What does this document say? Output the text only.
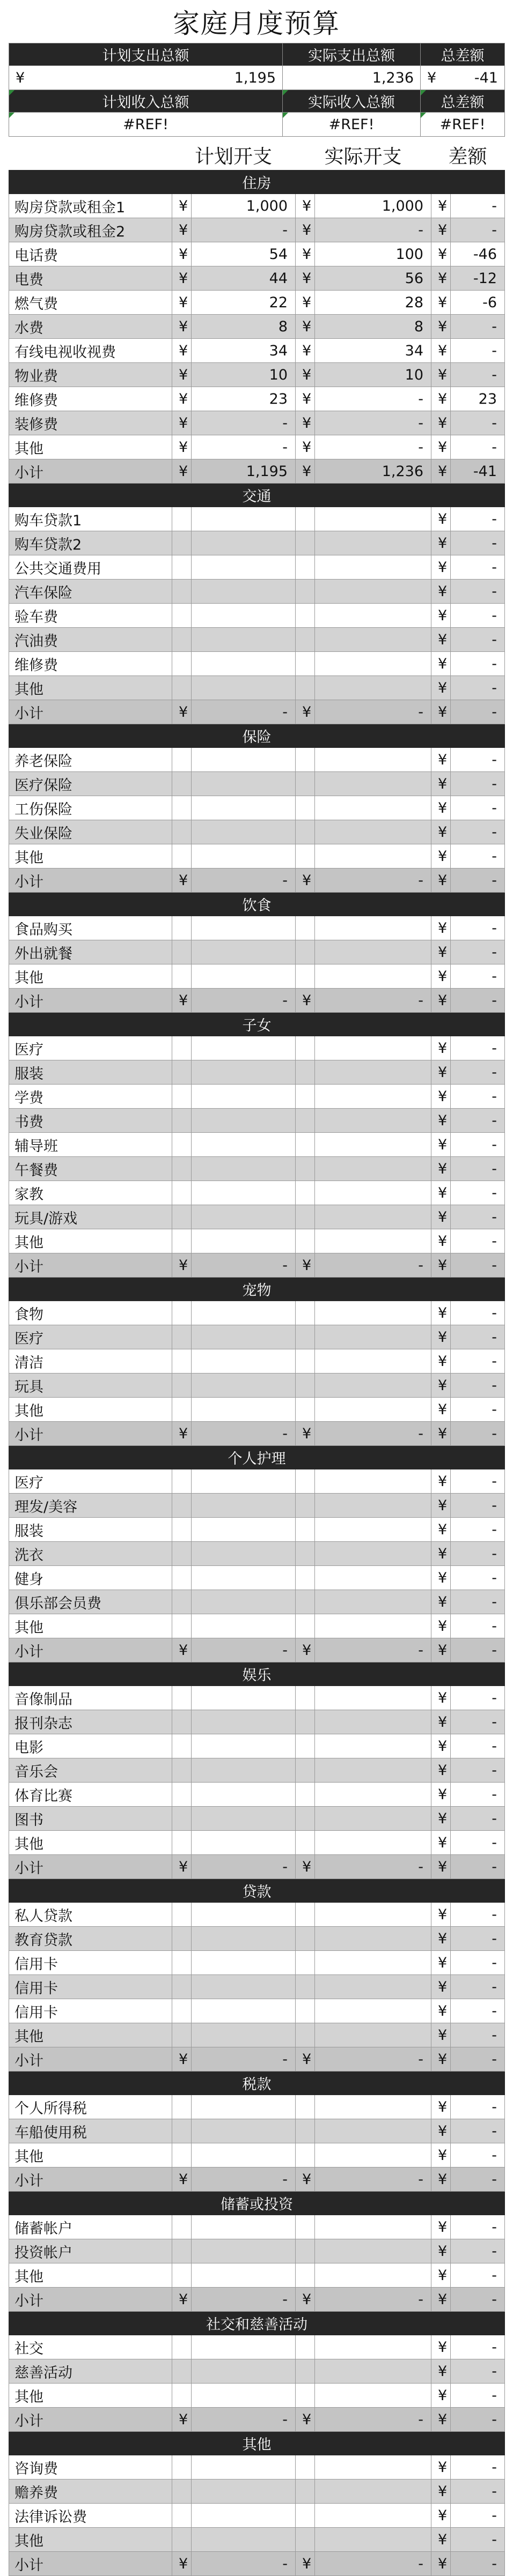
家庭月度预算
计划支出总额	实际支出总额	总差额
¥ 1,195	1,236	¥ -41

计划收入总额	实际收入总额	总差额
#REF!	#REF!	#REF!
计划开支	实际开支	差额
住房						
购房贷款或租金1	¥	1,000	¥	1,000	¥	-
购房贷款或租金2	¥	-	¥	-	¥	-
电话费	¥	54	¥	100	¥	-46
电费	¥	44	¥	56	¥	-12
燃气费	¥	22	¥	28	¥	-6
水费	¥	8	¥	8	¥	-
有线电视收视费	¥	34	¥	34	¥	-
物业费	¥	10	¥	10	¥	-
维修费	¥	23	¥	-	¥	23
装修费	¥	-	¥	-	¥	-
其他	¥	-	¥	-	¥	-
小计	¥	1,195	¥	1,236	¥	-41
交通						
购车贷款1					¥	-
购车贷款2					¥	-
公共交通费用					¥	-
汽车保险					¥	-
验车费					¥	-
汽油费					¥	-
维修费					¥	-
其他					¥	-
小计	¥	-	¥	-	¥	-
保险						
养老保险					¥	-
医疗保险					¥	-
工伤保险					¥	-
失业保险					¥	-
其他					¥	-
小计	¥	-	¥	-	¥	-
饮食						
食品购买					¥	-
外出就餐					¥	-
其他					¥	-
小计	¥	-	¥	-	¥	-
子女						
医疗					¥	-
服装					¥	-
学费					¥	-
书费					¥	-
辅导班					¥	-
午餐费					¥	-
家教					¥	-
玩具/游戏					¥	-
其他					¥	-
小计	¥	-	¥	-	¥	-
宠物						
食物					¥	-
医疗					¥	-
清洁					¥	-
玩具					¥	-
其他					¥	-
小计	¥	-	¥	-	¥	-
个人护理						
医疗					¥	-
理发/美容					¥	-
服装					¥	-
洗衣					¥	-
健身					¥	-
俱乐部会员费					¥	-
其他					¥	-
小计	¥	-	¥	-	¥	-
娱乐						
音像制品					¥	-
报刊杂志					¥	-
电影					¥	-
音乐会					¥	-
体育比赛					¥	-
图书					¥	-
其他					¥	-
小计	¥	-	¥	-	¥	-
贷款						
私人贷款					¥	-
教育贷款					¥	-
信用卡					¥	-
信用卡					¥	-
信用卡					¥	-
其他					¥	-
小计	¥	-	¥	-	¥	-
税款						
个人所得税					¥	-
车船使用税					¥	-
其他					¥	-
小计	¥	-	¥	-	¥	-
储蓄或投资						
储蓄帐户					¥	-
投资帐户					¥	-
其他					¥	-
小计	¥	-	¥	-	¥	-
社交和慈善活动						
社交					¥	-
慈善活动					¥	-
其他					¥	-
小计	¥	-	¥	-	¥	-
其他						
咨询费					¥	-
赡养费					¥	-
法律诉讼费					¥	-
其他					¥	-
小计	¥	-	¥	-	¥	-
